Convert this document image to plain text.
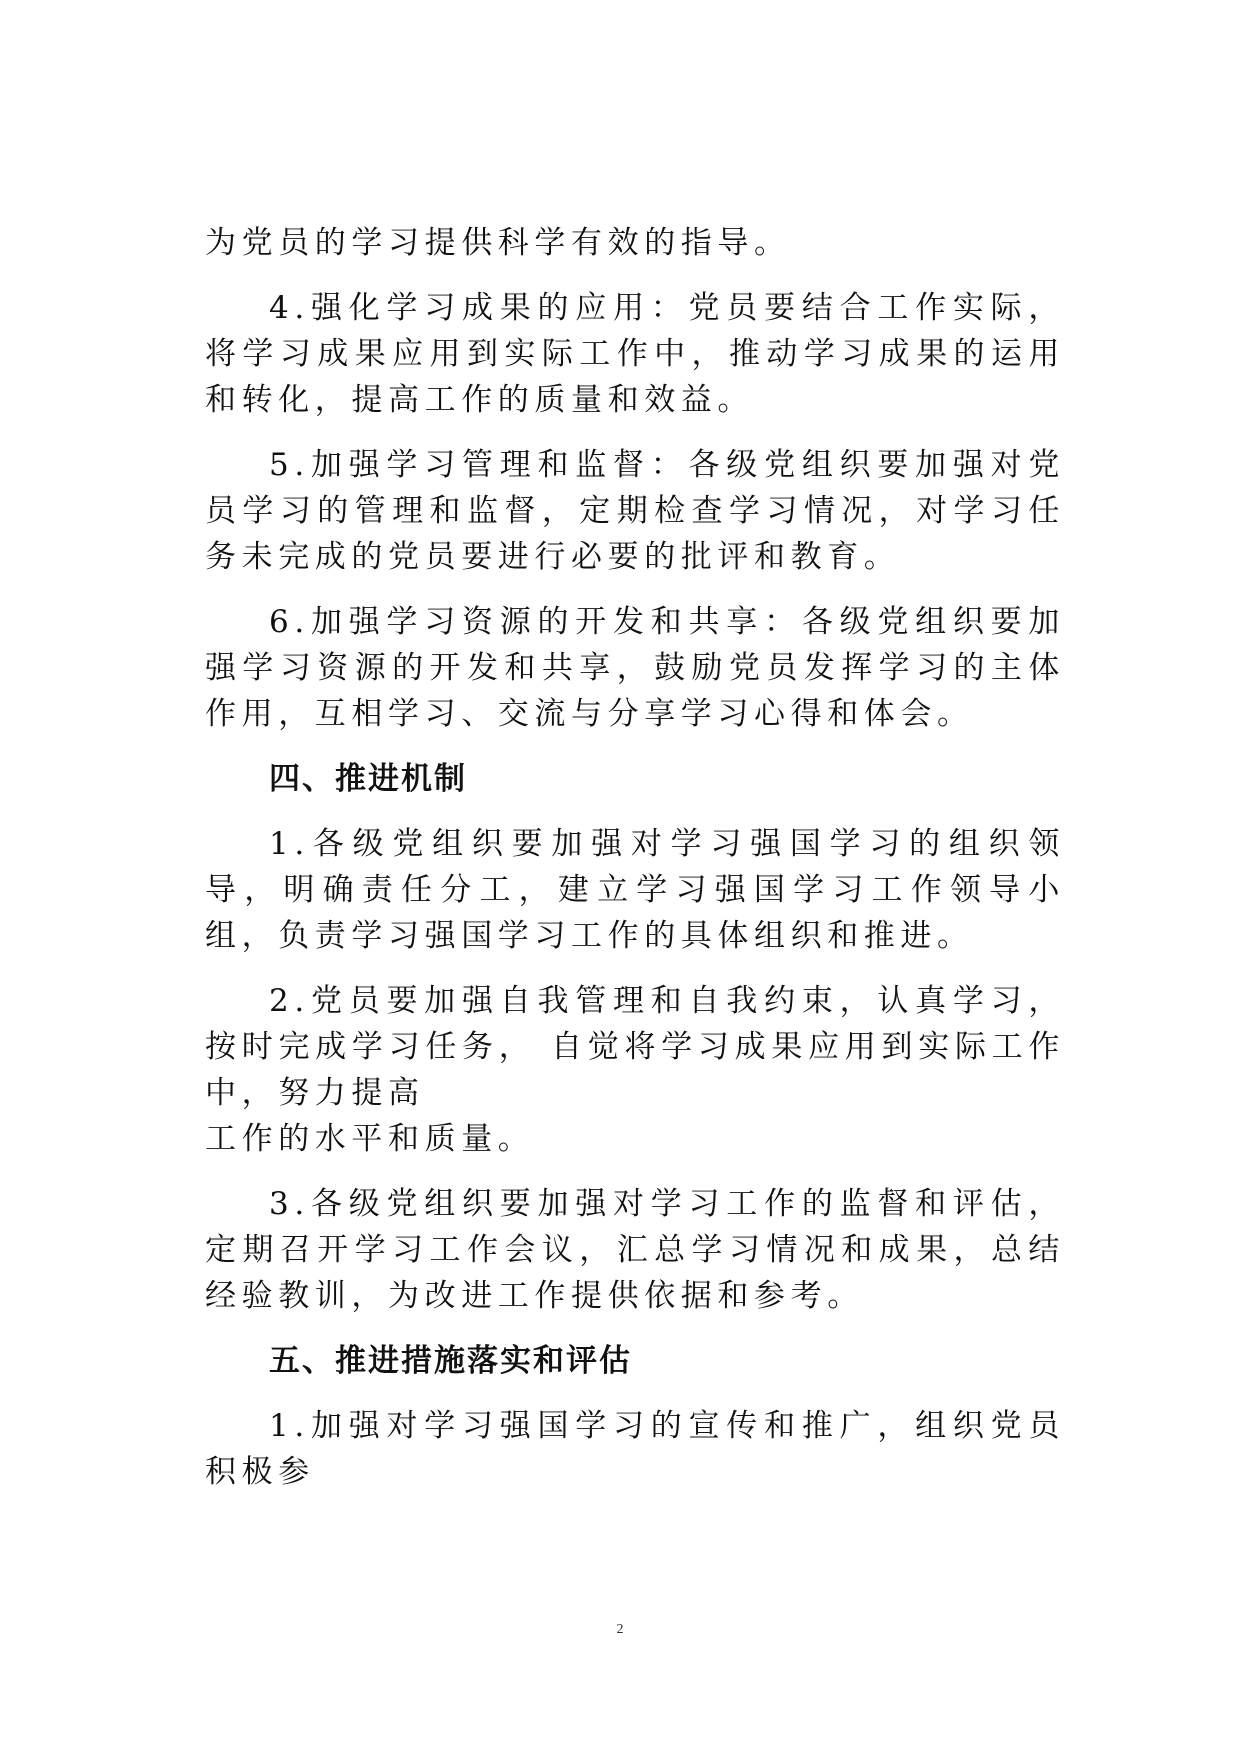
为党员的学习提供科学有效的指导。

4.强化学习成果的应用：党员要结合工作实际，将学习成果应用到实际工作中，推动学习成果的运用和转化，提高工作的质量和效益。

5.加强学习管理和监督：各级党组织要加强对党员学习的管理和监督，定期检查学习情况，对学习任务未完成的党员要进行必要的批评和教育。

6.加强学习资源的开发和共享：各级党组织要加强学习资源的开发和共享，鼓励党员发挥学习的主体作用，互相学习、交流与分享学习心得和体会。

四、推进机制

1.各级党组织要加强对学习强国学习的组织领导，明确责任分工，建立学习强国学习工作领导小组，负责学习强国学习工作的具体组织和推进。

2.党员要加强自我管理和自我约束，认真学习，按时完成学习任务， 自觉将学习成果应用到实际工作中，努力提高

工作的水平和质量。

3.各级党组织要加强对学习工作的监督和评估，定期召开学习工作会议，汇总学习情况和成果，总结经验教训，为改进工作提供依据和参考。

五、推进措施落实和评估

1.加强对学习强国学习的宣传和推广，组织党员积极参

2
